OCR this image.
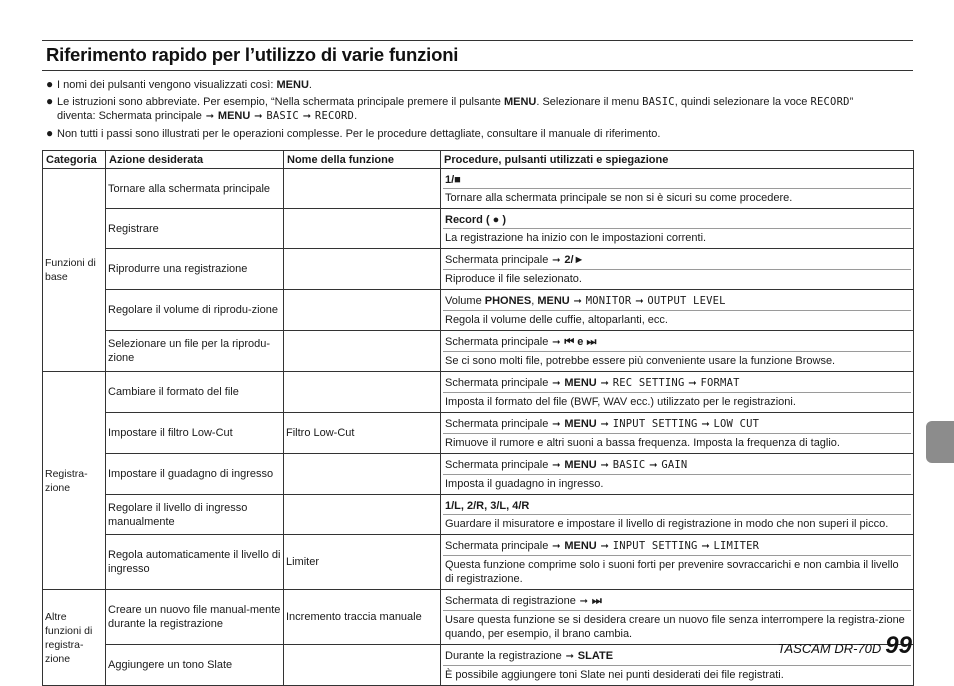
Riferimento rapido per l’utilizzo di varie funzioni
● I nomi dei pulsanti vengono visualizzati così: MENU.
● Le istruzioni sono abbreviate. Per esempio, “Nella schermata principale premere il pulsante MENU. Selezionare il menu BASIC, quindi selezionare la voce RECORD”
diventa: Schermata principale ➞ MENU ➞ BASIC ➞ RECORD.
● Non tutti i passi sono illustrati per le operazioni complesse. Per le procedure dettagliate, consultare il manuale di riferimento.
Categoria	Azione desiderata	Nome della funzione	Procedure, pulsanti utilizzati e spiegazione
Funzioni di base	Tornare alla schermata principale		1/■
Tornare alla schermata principale se non si è sicuri su come procedere.

	Registrare		Record ( ● )
La registrazione ha inizio con le impostazioni correnti.

	Riprodurre una registrazione		Schermata principale ➞ 2/►
Riproduce il file selezionato.

	Regolare il volume di riprodu-zione		Volume PHONES, MENU ➞ MONITOR ➞ OUTPUT LEVEL
Regola il volume delle cuffie, altoparlanti, ecc.

	Selezionare un file per la riprodu-zione		Schermata principale ➞ ⏮ e ⏭
Se ci sono molti file, potrebbe essere più conveniente usare la funzione Browse.

Registra-zione	Cambiare il formato del file		Schermata principale ➞ MENU ➞ REC SETTING ➞ FORMAT
Imposta il formato del file (BWF, WAV ecc.) utilizzato per le registrazioni.

	Impostare il filtro Low-Cut	Filtro Low-Cut	Schermata principale ➞ MENU ➞ INPUT SETTING ➞ LOW CUT
Rimuove il rumore e altri suoni a bassa frequenza. Imposta la frequenza di taglio.

	Impostare il guadagno di ingresso		Schermata principale ➞ MENU ➞ BASIC ➞ GAIN
Imposta il guadagno in ingresso.

	Regolare il livello di ingresso manualmente		1/L, 2/R, 3/L, 4/R
Guardare il misuratore e impostare il livello di registrazione in modo che non superi il picco.

	Regola automaticamente il livello di ingresso	Limiter	Schermata principale ➞ MENU ➞ INPUT SETTING ➞ LIMITER
Questa funzione comprime solo i suoni forti per prevenire sovraccarichi e non cambia il livello di registrazione.

Altre funzioni di registra-zione	Creare un nuovo file manual-mente durante la registrazione	Incremento traccia manuale	Schermata di registrazione ➞ ⏭
Usare questa funzione se si desidera creare un nuovo file senza interrompere la registra-zione quando, per esempio, il brano cambia.

	Aggiungere un tono Slate		Durante la registrazione ➞ SLATE
È possibile aggiungere toni Slate nei punti desiderati dei file registrati.
TASCAM DR-70D 99
